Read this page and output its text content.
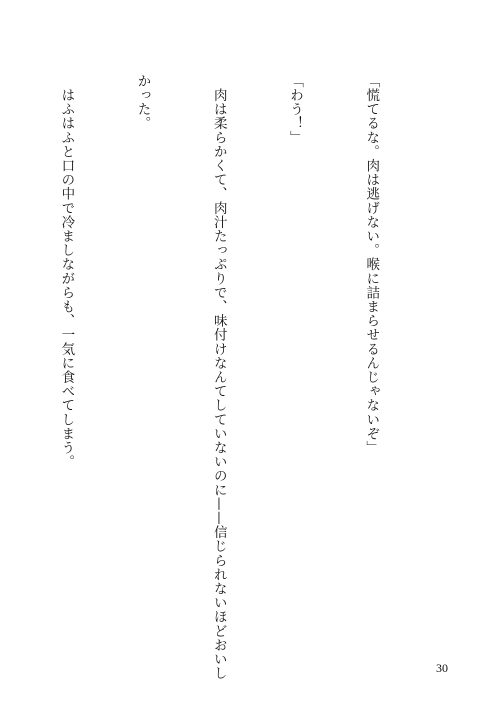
「慌てるな。肉は逃げない。喉に詰まらせるんじゃないぞ」

「わう！」

　肉は柔らかくて、肉汁たっぷりで、味付けなんてしていないのに——信じられないほどおいし

かった。

　はふはふと口の中で冷ましながらも、一気に食べてしまう。

30
